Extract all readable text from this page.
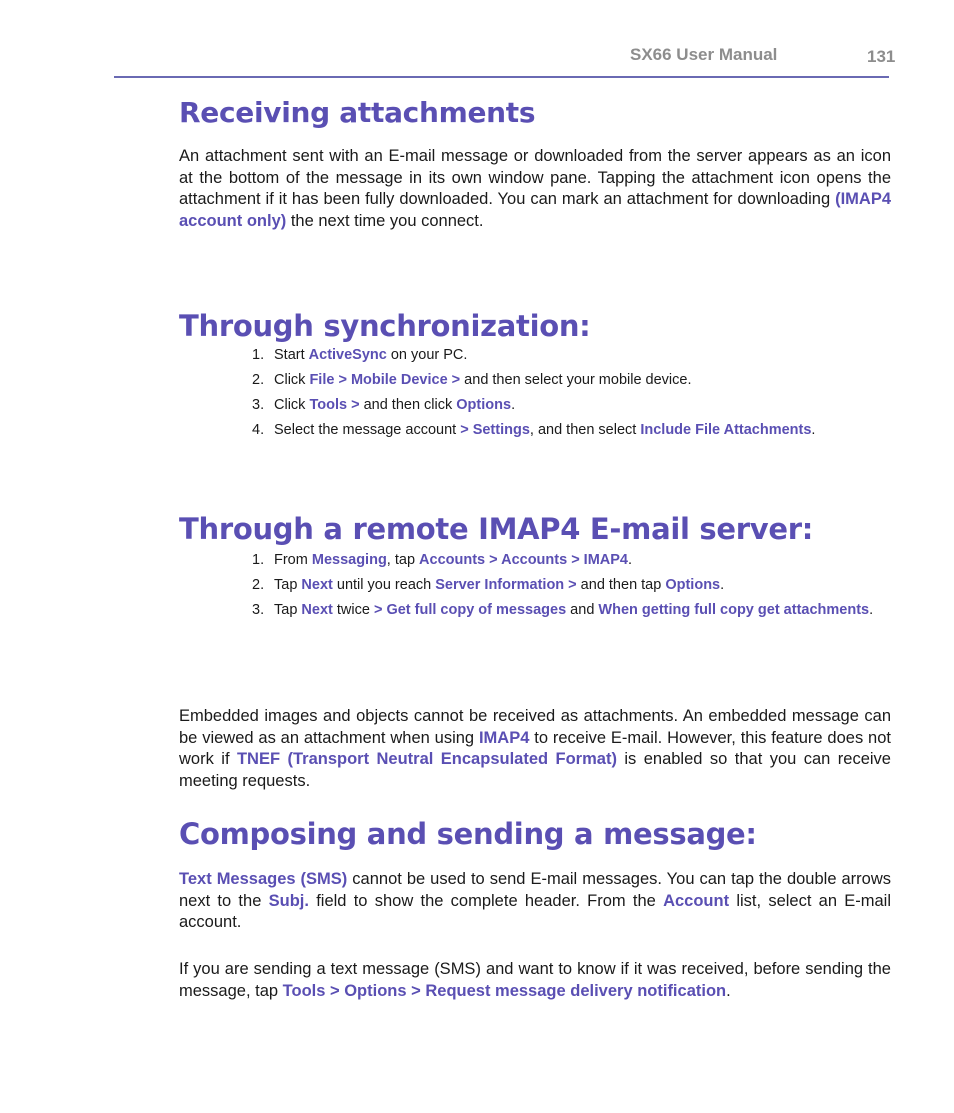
SX66 User Manual	131
Receiving attachments

An attachment sent with an E-mail message or downloaded from the server appears as an icon at the bottom of the message in its own window pane. Tapping the attachment icon opens the attachment if it has been fully downloaded. You can mark an attachment for downloading (IMAP4 account only) the next time you connect.

Through synchronization:
1. Start ActiveSync on your PC.
2. Click File > Mobile Device > and then select your mobile device.
3. Click Tools > and then click Options.
4. Select the message account > Settings, and then select Include File Attachments.
Through a remote IMAP4 E-mail server:
1. From Messaging, tap Accounts > Accounts > IMAP4.
2. Tap Next until you reach Server Information > and then tap Options.
3. Tap Next twice > Get full copy of messages and When getting full copy get attachments.

Embedded images and objects cannot be received as attachments. An embedded message can be viewed as an attachment when using IMAP4 to receive E-mail. However, this feature does not work if TNEF (Transport Neutral Encapsulated Format) is enabled so that you can receive meeting requests.

Composing and sending a message:

Text Messages (SMS) cannot be used to send E-mail messages. You can tap the double arrows next to the Subj. field to show the complete header. From the Account list, select an E-mail account.

If you are sending a text message (SMS) and want to know if it was received, before sending the message, tap Tools > Options > Request message delivery notification.
